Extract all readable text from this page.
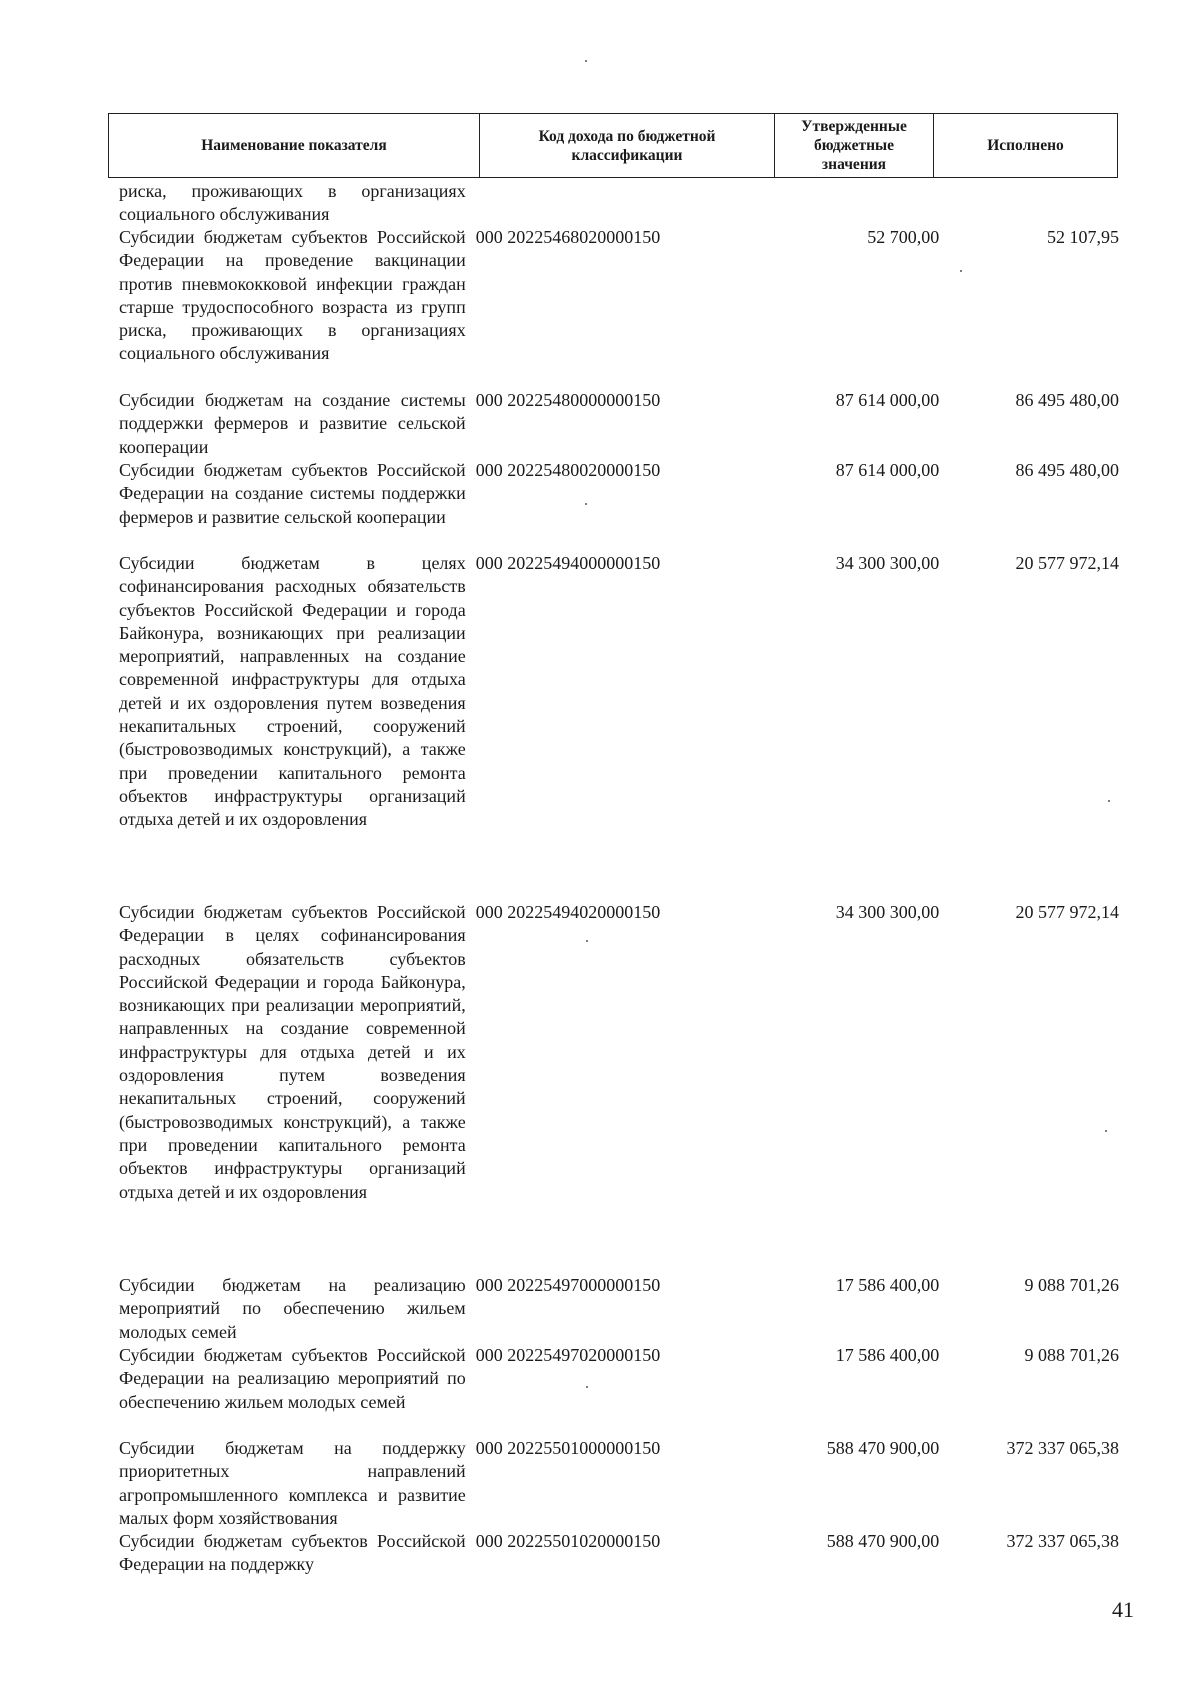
Наименование показателя
Код дохода по бюджетной классификации
Утвержденные бюджетные значения
Исполнено
риска, проживающих в организациях социального обслуживания
Субсидии бюджетам субъектов Российской Федерации на проведение вакцинации против пневмококковой инфекции граждан старше трудоспособного возраста из групп риска, проживающих в организациях социального обслуживания
000 20225468020000150	52 700,00	52 107,95
Субсидии бюджетам на создание системы поддержки фермеров и развитие сельской кооперации
000 20225480000000150	87 614 000,00	86 495 480,00
Субсидии бюджетам субъектов Российской Федерации на создание системы поддержки фермеров и развитие сельской кооперации
000 20225480020000150	87 614 000,00	86 495 480,00
Субсидии бюджетам в целях софинансирования расходных обязательств субъектов Российской Федерации и города Байконура, возникающих при реализации мероприятий, направленных на создание современной инфраструктуры для отдыха детей и их оздоровления путем возведения некапитальных строений, сооружений (быстровозводимых конструкций), а также при проведении капитального ремонта объектов инфраструктуры организаций отдыха детей и их оздоровления
000 20225494000000150	34 300 300,00	20 577 972,14
Субсидии бюджетам субъектов Российской Федерации в целях софинансирования расходных обязательств субъектов Российской Федерации и города Байконура, возникающих при реализации мероприятий, направленных на создание современной инфраструктуры для отдыха детей и их оздоровления путем возведения некапитальных строений, сооружений (быстровозводимых конструкций), а также при проведении капитального ремонта объектов инфраструктуры организаций отдыха детей и их оздоровления
000 20225494020000150	34 300 300,00	20 577 972,14
Субсидии бюджетам на реализацию мероприятий по обеспечению жильем молодых семей
000 20225497000000150	17 586 400,00	9 088 701,26
Субсидии бюджетам субъектов Российской Федерации на реализацию мероприятий по обеспечению жильем молодых семей
000 20225497020000150	17 586 400,00	9 088 701,26
Субсидии бюджетам на поддержку приоритетных направлений агропромышленного комплекса и развитие малых форм хозяйствования
000 20225501000000150	588 470 900,00	372 337 065,38
Субсидии бюджетам субъектов Российской Федерации на поддержку
000 20225501020000150	588 470 900,00	372 337 065,38
41
